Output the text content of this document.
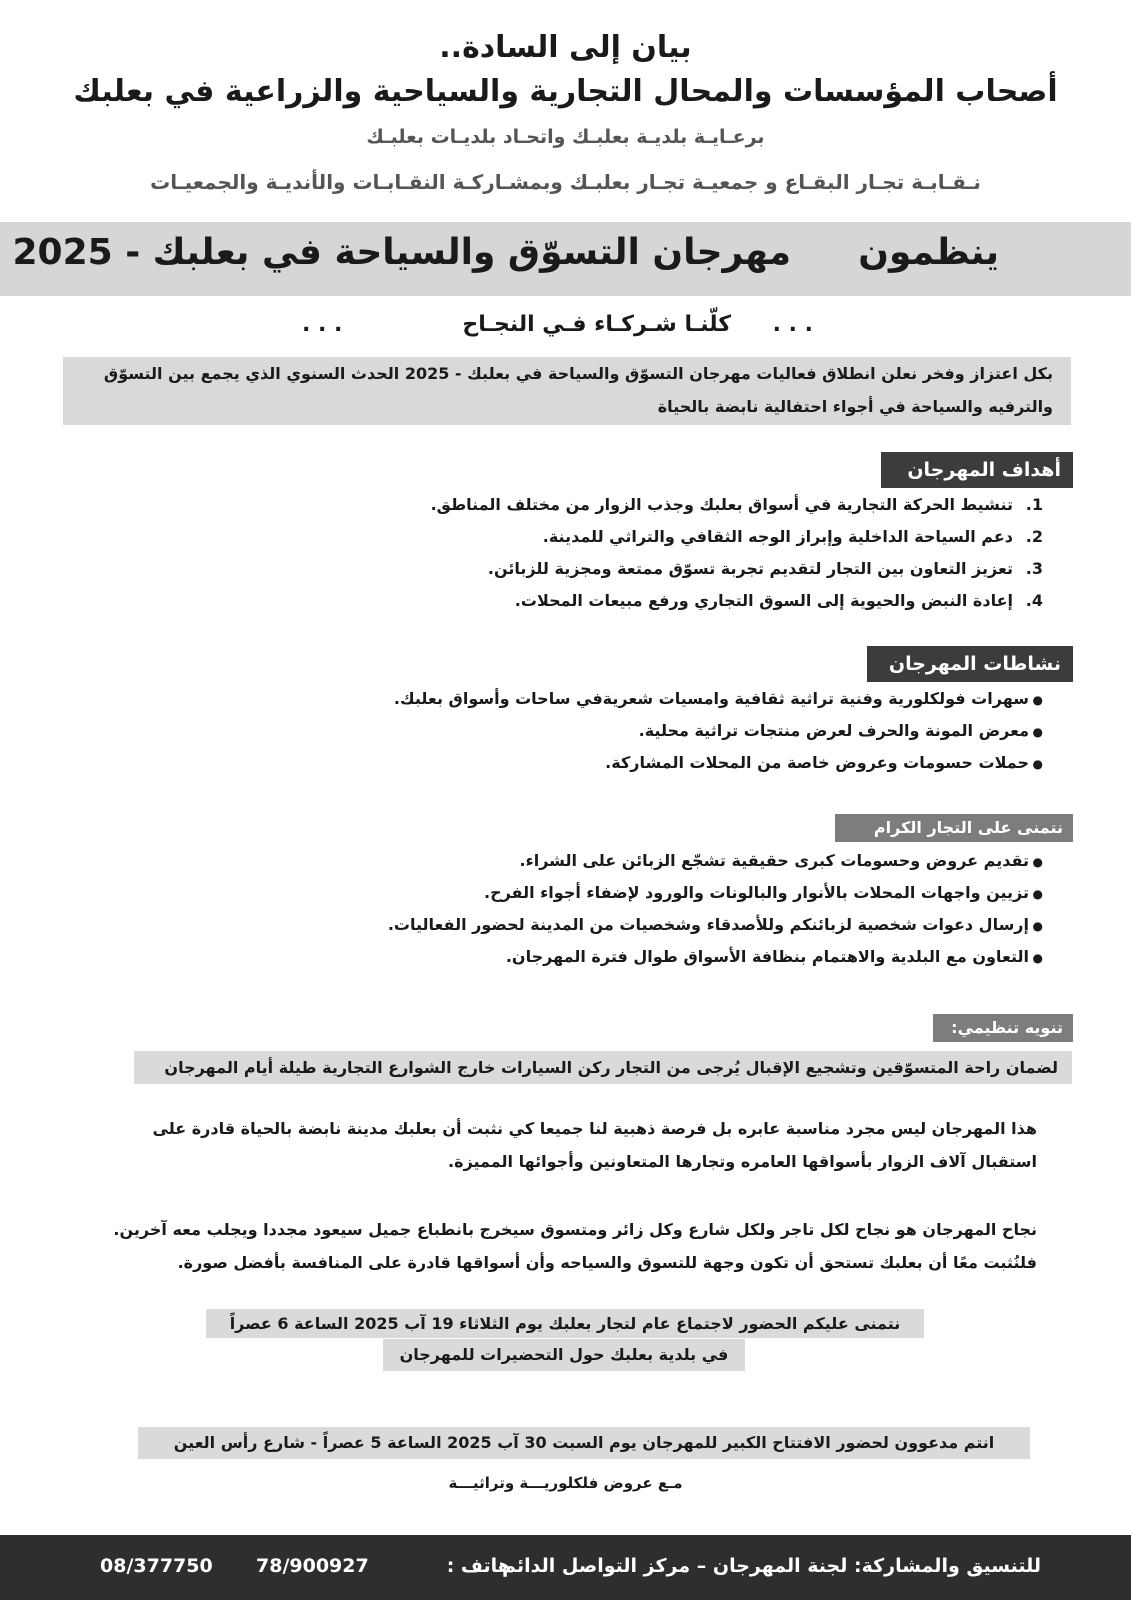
بيان إلى السادة..
أصحاب المؤسسات والمحال التجارية والسياحية والزراعية في بعلبك
برعـايـة بلديـة بعلبـك واتحـاد بلديـات بعلبـك
نـقـابـة تجـار البقـاع و جمعيـة تجـار بعلبـك وبمشـاركـة النقـابـات والأنديـة والجمعيـات
ينظمون
مهرجان التسوّق والسياحة في بعلبك - 2025
. . .
كلّنـا شـركـاء فـي النجـاح
. . .
بكل اعتزاز وفخر نعلن انطلاق فعاليات مهرجان التسوّق والسياحة في بعلبك - 2025 الحدث السنوي الذي يجمع بين التسوّق
والترفيه والسياحة في أجواء احتفالية نابضة بالحياة
أهداف المهرجان
1.تنشيط الحركة التجارية في أسواق بعلبك وجذب الزوار من مختلف المناطق.
2.دعم السياحة الداخلية وإبراز الوجه الثقافي والتراثي للمدينة.
3.تعزيز التعاون بين التجار لتقديم تجربة تسوّق ممتعة ومجزية للزبائن.
4.إعادة النبض والحيوية إلى السوق التجاري ورفع مبيعات المحلات.
نشاطات المهرجان
●سهرات فولكلورية وفنية تراثية ثقافية وامسيات شعريةفي ساحات وأسواق بعلبك.
●معرض المونة والحرف لعرض منتجات تراثية محلية.
●حملات حسومات وعروض خاصة من المحلات المشاركة.
نتمنى على التجار الكرام
●تقديم عروض وحسومات كبرى حقيقية تشجّع الزبائن على الشراء.
●تزيين واجهات المحلات بالأنوار والبالونات والورود لإضفاء أجواء الفرح.
●إرسال دعوات شخصية لزبائنكم وللأصدقاء وشخصيات من المدينة لحضور الفعاليات.
●التعاون مع البلدية والاهتمام بنظافة الأسواق طوال فترة المهرجان.
تنويه تنظيمي:
لضمان راحة المتسوّقين وتشجيع الإقبال يُرجى من التجار ركن السيارات خارج الشوارع التجارية طيلة أيام المهرجان
هذا المهرجان ليس مجرد مناسبة عابره بل فرصة ذهبية لنا جميعا كي نثبت أن بعلبك مدينة نابضة بالحياة قادرة على
استقبال آلاف الزوار بأسواقها العامره وتجارها المتعاونين وأجوائها المميزة.
نجاح المهرجان هو نجاح لكل تاجر ولكل شارع وكل زائر ومتسوق سيخرج بانطباع جميل سيعود مجددا ويجلب معه آخرين.
فلنُثبت معًا أن بعلبك تستحق أن تكون وجهة للتسوق والسياحه وأن أسواقها قادرة على المنافسة بأفضل صورة.
نتمنى عليكم الحضور لاجتماع عام لتجار بعلبك يوم الثلاثاء 19 آب 2025 الساعة 6 عصراً
في بلدية بعلبك حول التحضيرات للمهرجان
انتم مدعوون لحضور الافتتاح الكبير للمهرجان يوم السبت 30 آب 2025 الساعة 5 عصراً - شارع رأس العين
مـع عروض فلكلوريـــة وتراثيـــة
للتنسيق والمشاركة: لجنة المهرجان – مركز التواصل الدائم
هاتف :
78/900927
08/377750
